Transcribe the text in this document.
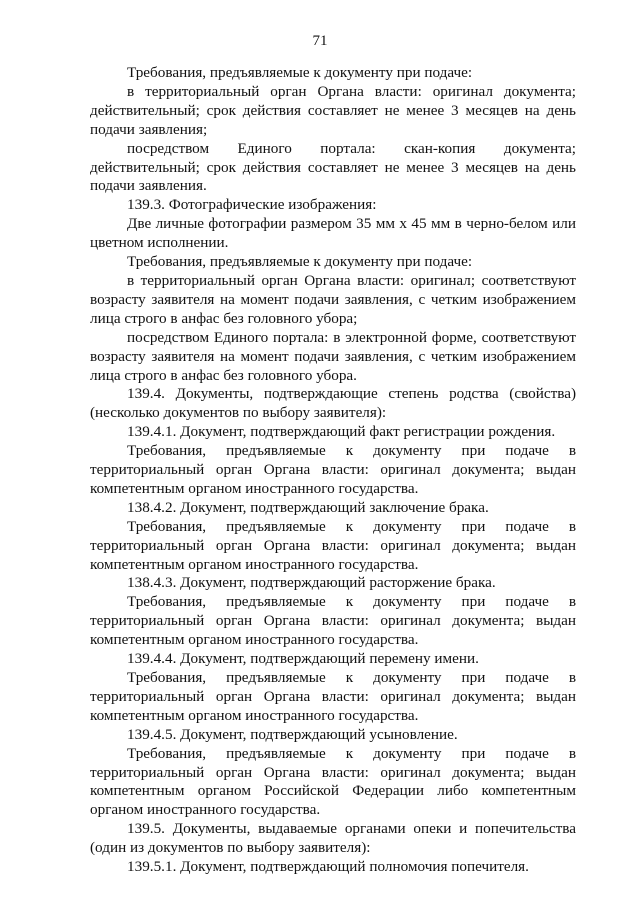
71

Требования, предъявляемые к документу при подаче:

в территориальный орган Органа власти: оригинал документа; действительный; срок действия составляет не менее 3 месяцев на день подачи заявления;

посредством Единого портала: скан-копия документа; действительный; срок действия составляет не менее 3 месяцев на день подачи заявления.

139.3. Фотографические изображения:

Две личные фотографии размером 35 мм х 45 мм в черно-белом или цветном исполнении.

Требования, предъявляемые к документу при подаче:

в территориальный орган Органа власти: оригинал; соответствуют возрасту заявителя на момент подачи заявления, с четким изображением лица строго в анфас без головного убора;

посредством Единого портала: в электронной форме, соответствуют возрасту заявителя на момент подачи заявления, с четким изображением лица строго в анфас без головного убора.

139.4. Документы, подтверждающие степень родства (свойства) (несколько документов по выбору заявителя):

139.4.1. Документ, подтверждающий факт регистрации рождения.

Требования, предъявляемые к документу при подаче в территориальный орган Органа власти: оригинал документа; выдан компетентным органом иностранного государства.

138.4.2. Документ, подтверждающий заключение брака.

Требования, предъявляемые к документу при подаче в территориальный орган Органа власти: оригинал документа; выдан компетентным органом иностранного государства.

138.4.3. Документ, подтверждающий расторжение брака.

Требования, предъявляемые к документу при подаче в территориальный орган Органа власти: оригинал документа; выдан компетентным органом иностранного государства.

139.4.4. Документ, подтверждающий перемену имени.

Требования, предъявляемые к документу при подаче в территориальный орган Органа власти: оригинал документа; выдан компетентным органом иностранного государства.

139.4.5. Документ, подтверждающий усыновление.

Требования, предъявляемые к документу при подаче в территориальный орган Органа власти: оригинал документа; выдан компетентным органом Российской Федерации либо компетентным органом иностранного государства.

139.5. Документы, выдаваемые органами опеки и попечительства (один из документов по выбору заявителя):

139.5.1. Документ, подтверждающий полномочия попечителя.
